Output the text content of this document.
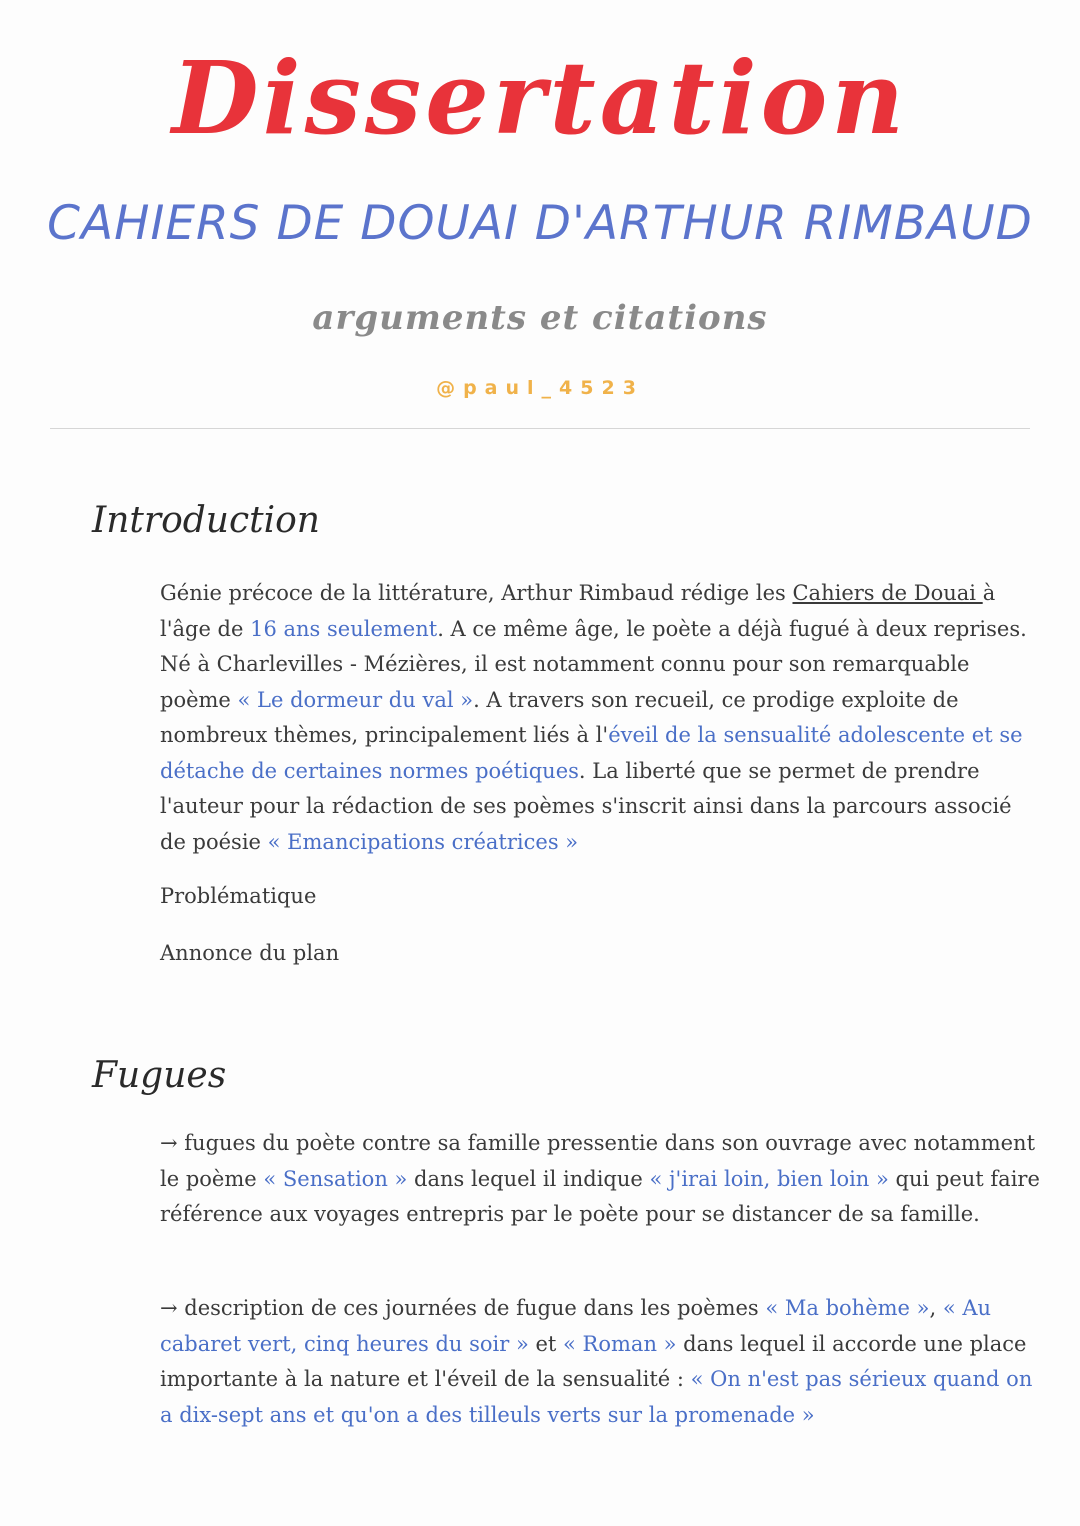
Dissertation
CAHIERS DE DOUAI D'ARTHUR RIMBAUD
arguments et citations
@paul_4523
Introduction

Génie précoce de la littérature, Arthur Rimbaud rédige les Cahiers de Douai à l'âge de 16 ans seulement. A ce même âge, le poète a déjà fugué à deux reprises. Né à Charlevilles - Mézières, il est notamment connu pour son remarquable poème « Le dormeur du val ». A travers son recueil, ce prodige exploite de nombreux thèmes, principalement liés à l'éveil de la sensualité adolescente et se détache de certaines normes poétiques. La liberté que se permet de prendre l'auteur pour la rédaction de ses poèmes s'inscrit ainsi dans la parcours associé de poésie « Emancipations créatrices »

Problématique
Annonce du plan
Fugues

→ fugues du poète contre sa famille pressentie dans son ouvrage avec notamment le poème « Sensation » dans lequel il indique « j'irai loin, bien loin » qui peut faire référence aux voyages entrepris par le poète pour se distancer de sa famille.

→ description de ces journées de fugue dans les poèmes « Ma bohème », « Au cabaret vert, cinq heures du soir » et « Roman » dans lequel il accorde une place importante à la nature et l'éveil de la sensualité : « On n'est pas sérieux quand on a dix-sept ans et qu'on a des tilleuls verts sur la promenade »
